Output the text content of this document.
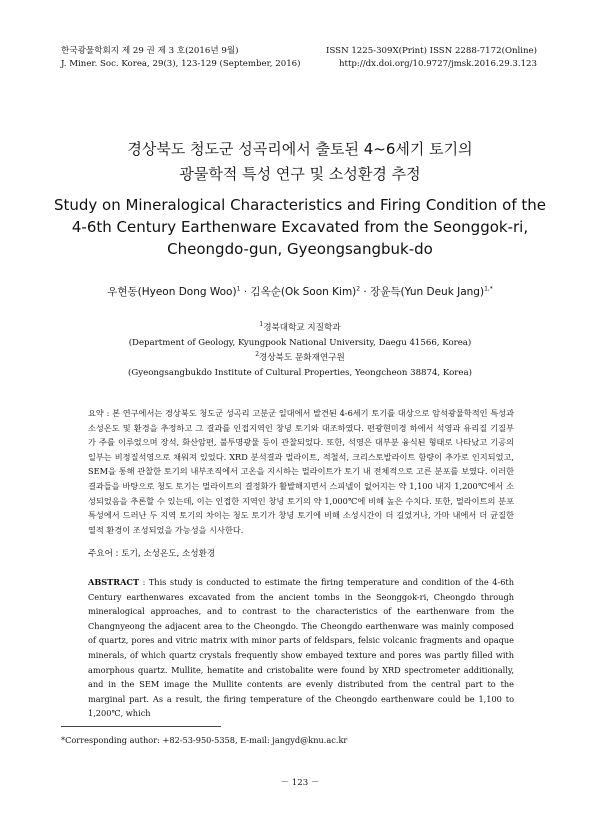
한국광물학회지 제 29 권 제 3 호(2016년 9월)
J. Miner. Soc. Korea, 29(3), 123-129 (September, 2016)
ISSN 1225-309X(Print) ISSN 2288-7172(Online)
http://dx.doi.org/10.9727/jmsk.2016.29.3.123
경상북도 청도군 성곡리에서 출토된 4~6세기 토기의
광물학적 특성 연구 및 소성환경 추정
Study on Mineralogical Characteristics and Firing Condition of the
4-6th Century Earthenware Excavated from the Seonggok-ri,
Cheongdo-gun, Gyeongsangbuk-do
우현동(Hyeon Dong Woo)$^1$ · 김옥순(Ok Soon Kim)$^2$ · 장윤득(Yun Deuk Jang)$^{1,*}$
$^1$경북대학교 지질학과
(Department of Geology, Kyungpook National University, Daegu 41566, Korea)
$^2$경상북도 문화재연구원
(Gyeongsangbukdo Institute of Cultural Properties, Yeongcheon 38874, Korea)
요약 : 본 연구에서는 경상북도 청도군 성곡리 고분군 일대에서 발견된 4-6세기 토기를 대상으로 암석광물학적인 특성과 소성온도 및 환경을 추정하고 그 결과를 인접지역인 창녕 토기와 대조하였다. 편광현미경 하에서 석영과 유리질 기질부가 주를 이루었으며 장석, 화산암편, 불투명광물 등이 관찰되었다. 또한, 석영은 대부분 융식된 형태로 나타났고 기공의 일부는 비정질석영으로 채워져 있었다. XRD 분석결과 멀라이트, 적철석, 크리스토발라이트 함량이 추가로 인지되었고, SEM을 통해 관찰한 토기의 내부조직에서 고온을 지시하는 멀라이트가 토기 내 전체적으로 고른 분포를 보였다. 이러한 결과들을 바탕으로 청도 토기는 멀라이트의 결정화가 활발해지면서 스피넬이 없어지는 약 1,100 내지 1,200℃에서 소성되었음을 추론할 수 있는데, 이는 인접한 지역인 창녕 토기의 약 1,000℃에 비해 높은 수치다. 또한, 멀라이트의 분포특성에서 드러난 두 지역 토기의 차이는 청도 토기가 창녕 토기에 비해 소성시간이 더 길었거나, 가마 내에서 더 균질한 열적 환경이 조성되었을 가능성을 시사한다.
주요어 : 토기, 소성온도, 소성환경
ABSTRACT : This study is conducted to estimate the firing temperature and condition of the 4-6th Century earthenwares excavated from the ancient tombs in the Seonggok-ri, Cheongdo through mineralogical approaches, and to contrast to the characteristics of the earthenware from the Changnyeong the adjacent area to the Cheongdo. The Cheongdo earthenware was mainly composed of quartz, pores and vitric matrix with minor parts of feldspars, felsic volcanic fragments and opaque minerals, of which quartz crystals frequently show embayed texture and pores was partly filled with amorphous quartz. Mullite, hematite and cristobalite were found by XRD spectrometer additionally, and in the SEM image the Mullite contents are evenly distributed from the central part to the marginal part. As a result, the firing temperature of the Cheongdo earthenware could be 1,100 to 1,200℃, which
*Corresponding author: +82-53-950-5358, E-mail: jangyd@knu.ac.kr
－ 123 －
